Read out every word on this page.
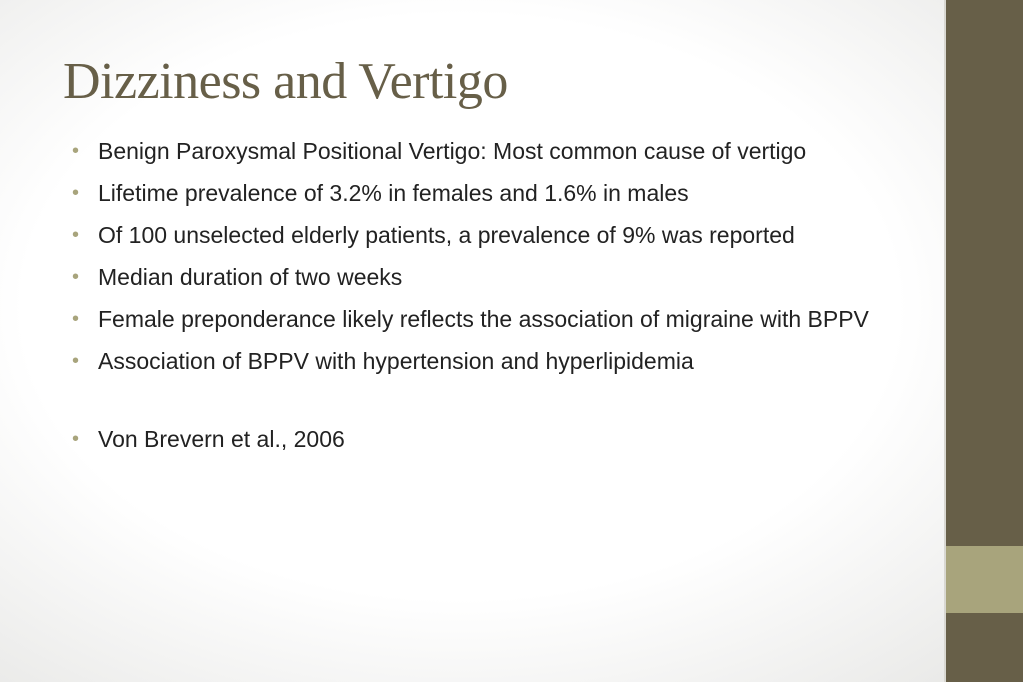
Dizziness and Vertigo
• Benign Paroxysmal Positional Vertigo: Most common cause of vertigo
• Lifetime prevalence of 3.2% in females and 1.6% in males
• Of 100 unselected elderly patients, a prevalence of 9% was reported
• Median duration of two weeks
• Female preponderance likely reflects the association of migraine with BPPV
• Association of BPPV with hypertension and hyperlipidemia
• Von Brevern et al., 2006
